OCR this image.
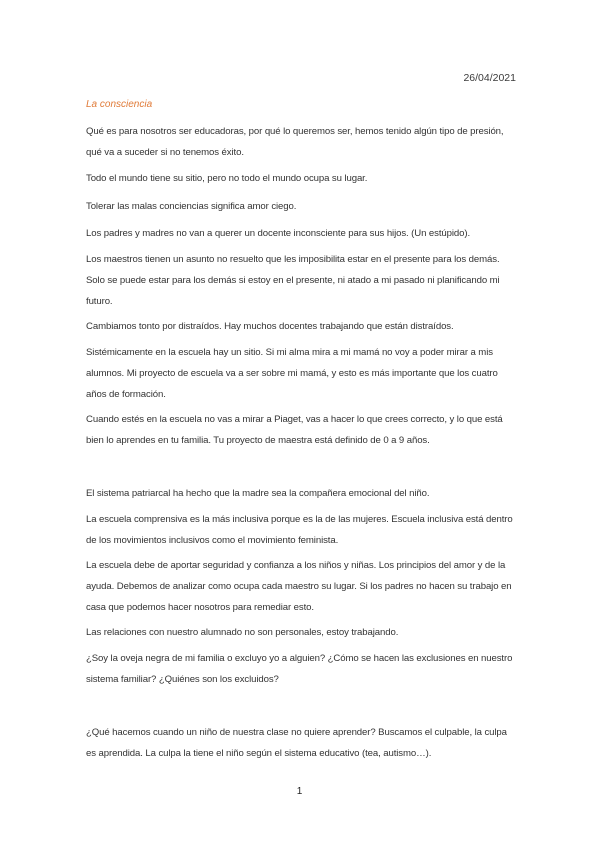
26/04/2021
La consciencia
Qué es para nosotros ser educadoras, por qué lo queremos ser, hemos tenido algún tipo de presión, qué va a suceder si no tenemos éxito.
Todo el mundo tiene su sitio, pero no todo el mundo ocupa su lugar.
Tolerar las malas conciencias significa amor ciego.
Los padres y madres no van a querer un docente inconsciente para sus hijos. (Un estúpido).
Los maestros tienen un asunto no resuelto que les imposibilita estar en el presente para los demás. Solo se puede estar para los demás si estoy en el presente, ni atado a mi pasado ni planificando mi futuro.
Cambiamos tonto por distraídos. Hay muchos docentes trabajando que están distraídos.
Sistémicamente en la escuela hay un sitio. Si mi alma mira a mi mamá no voy a poder mirar a mis alumnos. Mi proyecto de escuela va a ser sobre mi mamá, y esto es más importante que los cuatro años de formación.
Cuando estés en la escuela no vas a mirar a Piaget, vas a hacer lo que crees correcto, y lo que está bien lo aprendes en tu familia. Tu proyecto de maestra está definido de 0 a 9 años.
El sistema patriarcal ha hecho que la madre sea la compañera emocional del niño.
La escuela comprensiva es la más inclusiva porque es la de las mujeres. Escuela inclusiva está dentro de los movimientos inclusivos como el movimiento feminista.
La escuela debe de aportar seguridad y confianza a los niños y niñas. Los principios del amor y de la ayuda. Debemos de analizar como ocupa cada maestro su lugar. Si los padres no hacen su trabajo en casa que podemos hacer nosotros para remediar esto.
Las relaciones con nuestro alumnado no son personales, estoy trabajando.
¿Soy la oveja negra de mi familia o excluyo yo a alguien? ¿Cómo se hacen las exclusiones en nuestro sistema familiar? ¿Quiénes son los excluidos?
¿Qué hacemos cuando un niño de nuestra clase no quiere aprender? Buscamos el culpable, la culpa es aprendida. La culpa la tiene el niño según el sistema educativo (tea, autismo…).
1
